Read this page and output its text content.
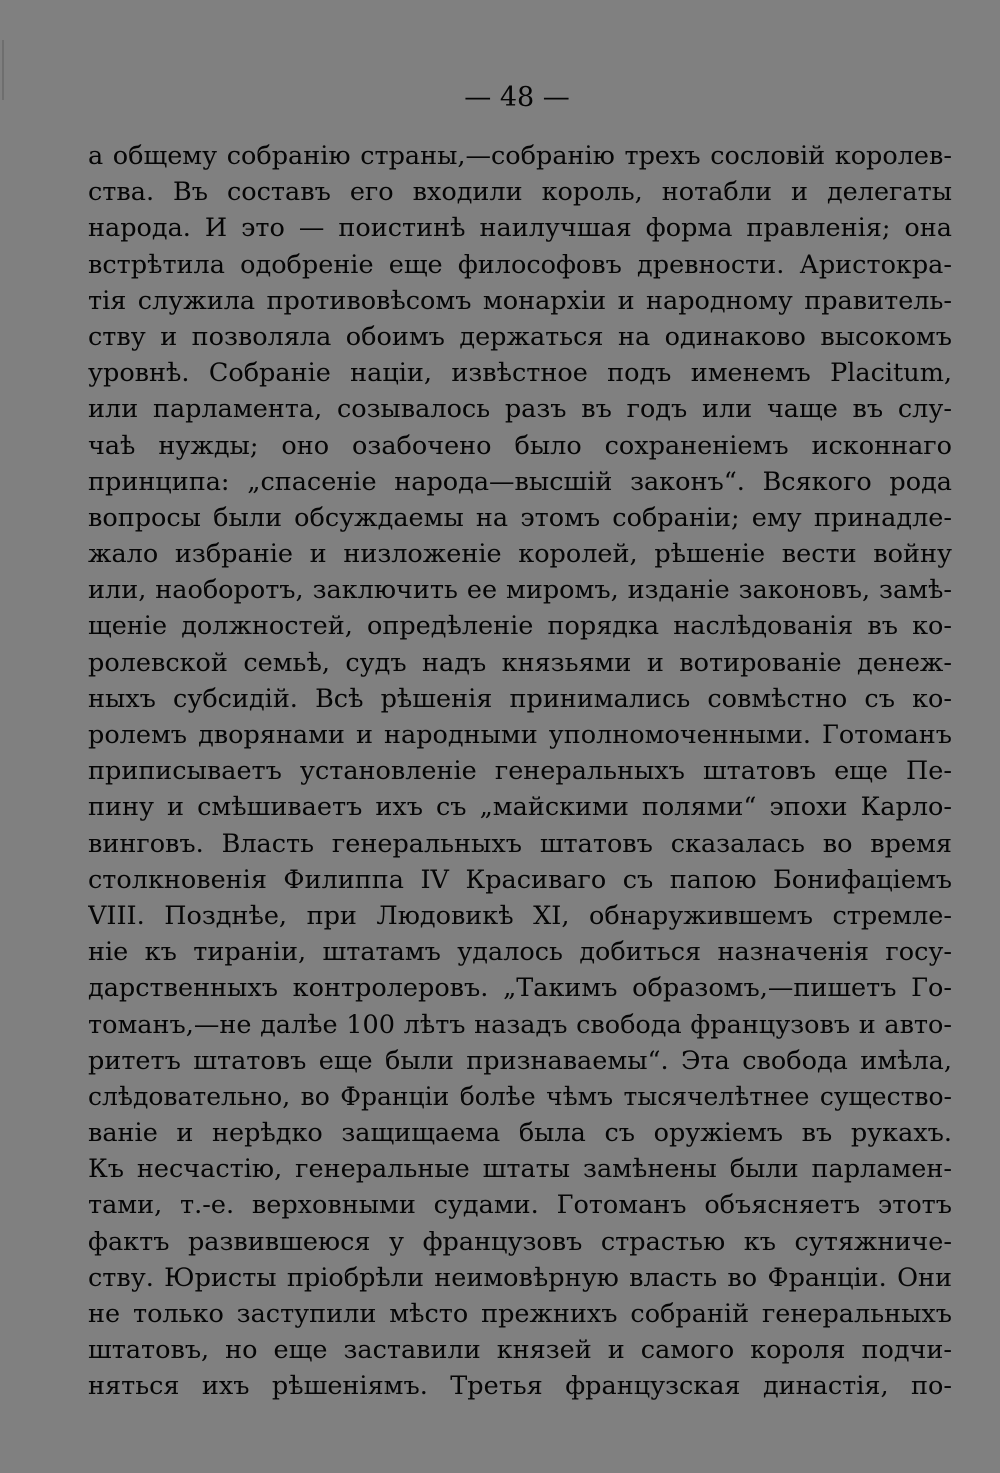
— 48 —
а общему собранію страны,—собранію трехъ сословій королев-
ства. Въ составъ его входили король, нотабли и делегаты
народа. И это — поистинѣ наилучшая форма правленія; она
встрѣтила одобреніе еще философовъ древности. Аристокра-
тія служила противовѣсомъ монархіи и народному правитель-
ству и позволяла обоимъ держаться на одинаково высокомъ
уровнѣ. Собраніе націи, извѣстное подъ именемъ Placitum,
или парламента, созывалось разъ въ годъ или чаще въ слу-
чаѣ нужды; оно озабочено было сохраненіемъ исконнаго
принципа: „спасеніе народа—высшій законъ“. Всякого рода
вопросы были обсуждаемы на этомъ собраніи; ему принадле-
жало избраніе и низложеніе королей, рѣшеніе вести войну
или, наоборотъ, заключить ее миромъ, изданіе законовъ, замѣ-
щеніе должностей, опредѣленіе порядка наслѣдованія въ ко-
ролевской семьѣ, судъ надъ князьями и вотированіе денеж-
ныхъ субсидій. Всѣ рѣшенія принимались совмѣстно съ ко-
ролемъ дворянами и народными уполномоченными. Готоманъ
приписываетъ установленіе генеральныхъ штатовъ еще Пе-
пину и смѣшиваетъ ихъ съ „майскими полями“ эпохи Карло-
винговъ. Власть генеральныхъ штатовъ сказалась во время
столкновенія Филиппа IV Красиваго съ папою Бонифаціемъ
VIII. Позднѣе, при Людовикѣ XI, обнаружившемъ стремле-
ніе къ тираніи, штатамъ удалось добиться назначенія госу-
дарственныхъ контролеровъ. „Такимъ образомъ,—пишетъ Го-
томанъ,—не далѣе 100 лѣтъ назадъ свобода французовъ и авто-
ритетъ штатовъ еще были признаваемы“. Эта свобода имѣла,
слѣдовательно, во Франціи болѣе чѣмъ тысячелѣтнее существо-
ваніе и нерѣдко защищаема была съ оружіемъ въ рукахъ.
Къ несчастію, генеральные штаты замѣнены были парламен-
тами, т.-е. верховными судами. Готоманъ объясняетъ этотъ
фактъ развившеюся у французовъ страстью къ сутяжниче-
ству. Юристы пріобрѣли неимовѣрную власть во Франціи. Они
не только заступили мѣсто прежнихъ собраній генеральныхъ
штатовъ, но еще заставили князей и самого короля подчи-
няться ихъ рѣшеніямъ. Третья французская династія, по-
